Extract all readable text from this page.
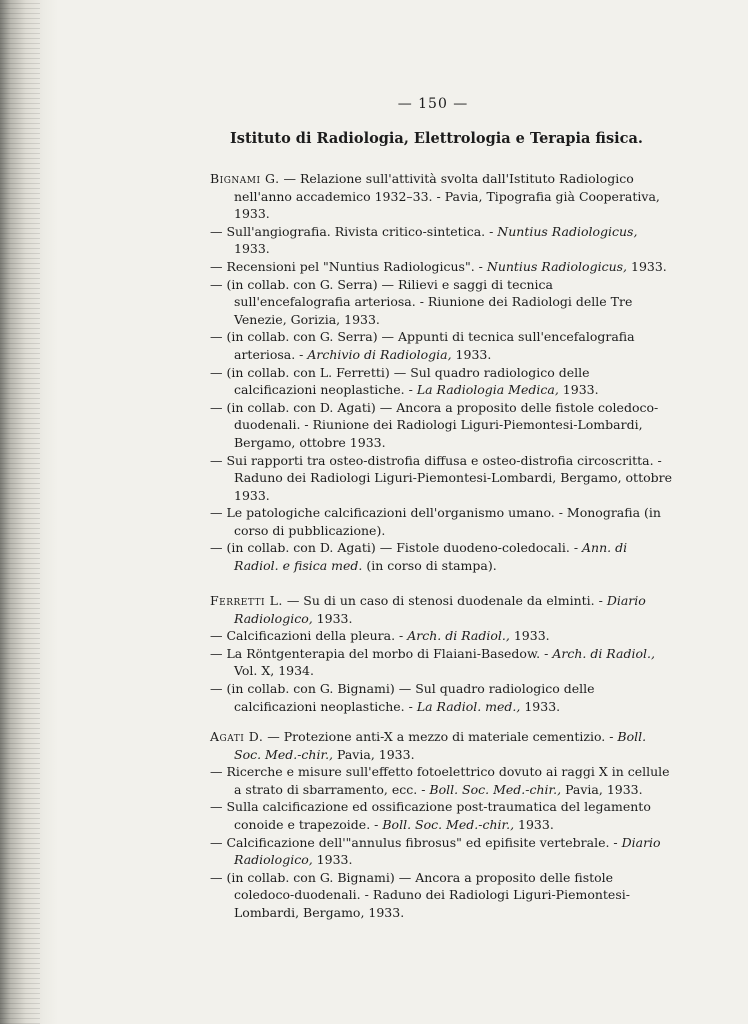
— 150 —
Istituto di Radiologia, Elettrologia e Terapia fisica.
Bignami G. — Relazione sull'attività svolta dall'Istituto Radiologico nell'anno accademico 1932–33. - Pavia, Tipografia già Cooperativa, 1933.
— Sull'angiografia. Rivista critico-sintetica. - Nuntius Radiologicus, 1933.
— Recensioni pel "Nuntius Radiologicus". - Nuntius Radiologicus, 1933.
— (in collab. con G. Serra) — Rilievi e saggi di tecnica sull'encefalografia arteriosa. - Riunione dei Radiologi delle Tre Venezie, Gorizia, 1933.
— (in collab. con G. Serra) — Appunti di tecnica sull'encefalografia arteriosa. - Archivio di Radiologia, 1933.
— (in collab. con L. Ferretti) — Sul quadro radiologico delle calcificazioni neoplastiche. - La Radiologia Medica, 1933.
— (in collab. con D. Agati) — Ancora a proposito delle fistole coledoco-duodenali. - Riunione dei Radiologi Liguri-Piemontesi-Lombardi, Bergamo, ottobre 1933.
— Sui rapporti tra osteo-distrofia diffusa e osteo-distrofia circoscritta. - Raduno dei Radiologi Liguri-Piemontesi-Lombardi, Bergamo, ottobre 1933.
— Le patologiche calcificazioni dell'organismo umano. - Monografia (in corso di pubblicazione).
— (in collab. con D. Agati) — Fistole duodeno-coledocali. - Ann. di Radiol. e fisica med. (in corso di stampa).
Ferretti L. — Su di un caso di stenosi duodenale da elminti. - Diario Radiologico, 1933.
— Calcificazioni della pleura. - Arch. di Radiol., 1933.
— La Röntgenterapia del morbo di Flaiani-Basedow. - Arch. di Radiol., Vol. X, 1934.
— (in collab. con G. Bignami) — Sul quadro radiologico delle calcificazioni neoplastiche. - La Radiol. med., 1933.
Agati D. — Protezione anti-X a mezzo di materiale cementizio. - Boll. Soc. Med.-chir., Pavia, 1933.
— Ricerche e misure sull'effetto fotoelettrico dovuto ai raggi X in cellule a strato di sbarramento, ecc. - Boll. Soc. Med.-chir., Pavia, 1933.
— Sulla calcificazione ed ossificazione post-traumatica del legamento conoide e trapezoide. - Boll. Soc. Med.-chir., 1933.
— Calcificazione dell'"annulus fibrosus" ed epifisite vertebrale. - Diario Radiologico, 1933.
— (in collab. con G. Bignami) — Ancora a proposito delle fistole coledoco-duodenali. - Raduno dei Radiologi Liguri-Piemontesi-Lombardi, Bergamo, 1933.
